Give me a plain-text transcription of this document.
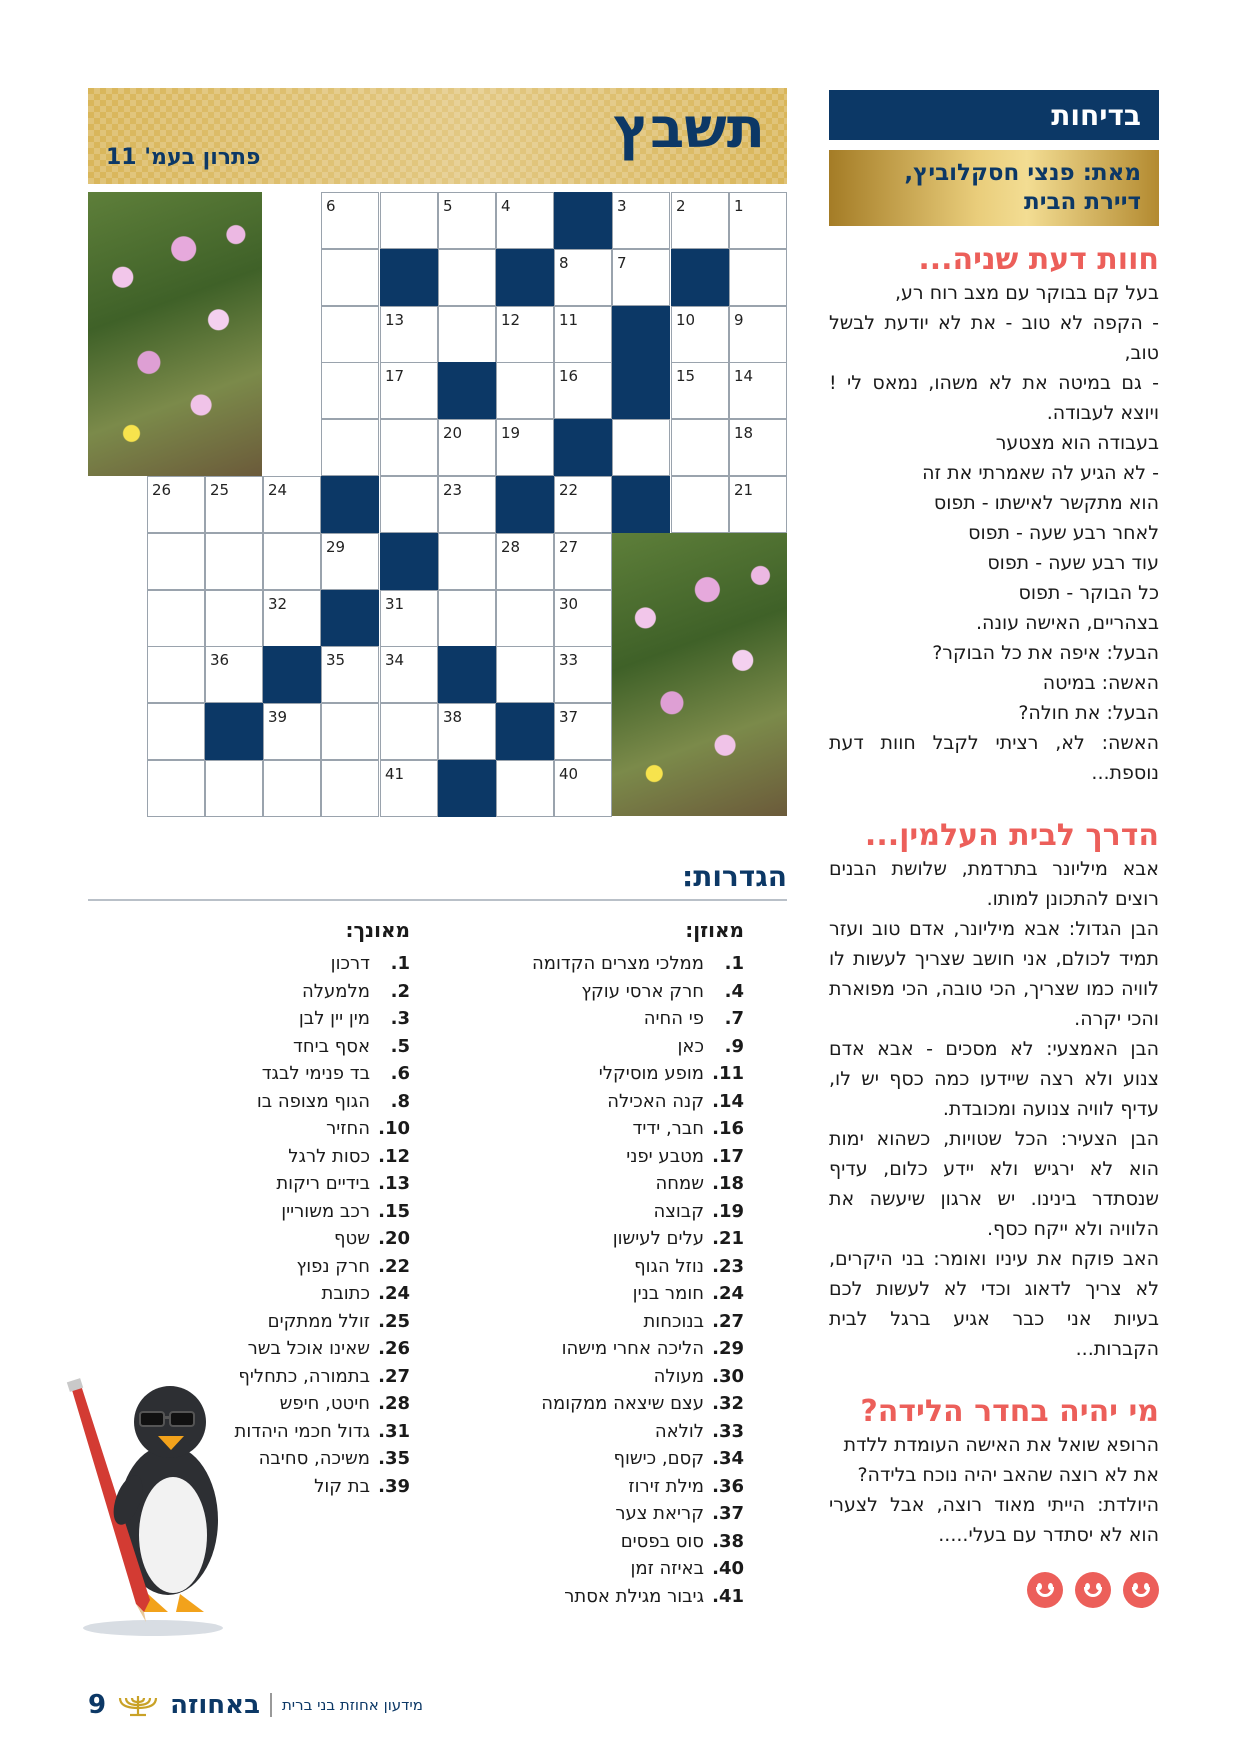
בדיחות
מאת: פנצי חסקלוביץ,
דיירת הבית
חוות דעת שניה...

בעל קם בבוקר עם מצב רוח רע,

- הקפה לא טוב - את לא יודעת לבשל טוב,

- גם במיטה את לא משהו, נמאס לי ! ויוצא לעבודה.

בעבודה הוא מצטער

- לא הגיע לה שאמרתי את זה

הוא מתקשר לאישתו - תפוס

לאחר רבע שעה - תפוס

עוד רבע שעה - תפוס

כל הבוקר - תפוס

בצהריים, האישה עונה.

הבעל: איפה את כל הבוקר?

האשה: במיטה

הבעל: את חולה?

האשה: לא, רציתי לקבל חוות דעת נוספת...

הדרך לבית העלמין...

אבא מיליונר בתרדמת, שלושת הבנים רוצים להתכונן למותו.

הבן הגדול: אבא מיליונר, אדם טוב ועזר תמיד לכולם, אני חושב שצריך לעשות לו לוויה כמו שצריך, הכי טובה, הכי מפוארת והכי יקרה.

הבן האמצעי: לא מסכים - אבא אדם צנוע ולא רצה שיידעו כמה כסף יש לו, עדיף לוויה צנועה ומכובדת.

הבן הצעיר: הכל שטויות, כשהוא ימות הוא לא ירגיש ולא יידע כלום, עדיף שנסתדר בינינו. יש ארגון שיעשה את הלוויה ולא ייקח כסף.

האב פוקח את עיניו ואומר: בני היקרים, לא צריך לדאוג וכדי לא לעשות לכם בעיות אני כבר אגיע ברגל לבית הקברות...

מי יהיה בחדר הלידה?

הרופא שואל את האישה העומדת ללדת

את לא רוצה שהאב יהיה נוכח בלידה?

היולדת: הייתי מאוד רוצה, אבל לצערי הוא לא יסתדר עם בעלי.....

תשבץ
פתרון בעמ' 11
1
2
3
4
5
6
7
8
9
10
11
12
13
14
15
16
17
18
19
20
21
22
23
24
25
26
27
28
29
30
31
32
33
34
35
36
37
38
39
40
41
הגדרות:
מאוזן:
1.
ממלכי מצרים הקדומה
4.
חרק ארסי עוקץ
7.
פי החיה
9.
כאן
11.
מופע מוסיקלי
14.
קנה האכילה
16.
חבר, ידיד
17.
מטבע יפני
18.
שמחה
19.
קבוצה
21.
עלים לעישון
23.
נוזל הגוף
24.
חומר בנין
27.
בנוכחות
29.
הליכה אחרי מישהו
30.
מעולה
32.
עצם שיצאה ממקומה
33.
לולאה
34.
קסם, כישוף
36.
מילת זירוז
37.
קריאת צער
38.
סוס בפסים
40.
באיזה זמן
41.
גיבור מגילת אסתר
מאונך:
1.
דרכון
2.
מלמעלה
3.
מין יין לבן
5.
אסף ביחד
6.
בד פנימי לבגד
8.
הגוף מצופה בו
10.
החזיר
12.
כסות לרגל
13.
בידיים ריקות
15.
רכב משוריין
20.
שטף
22.
חרק נפוץ
24.
כתובת
25.
זולל ממתקים
26.
שאינו אוכל בשר
27.
בתמורה, כתחליף
28.
חיטט, חיפש
31.
גדול חכמי היהדות
35.
משיכה, סחיבה
39.
בת קול
9 באחוזה מידעון אחוזת בני ברית
